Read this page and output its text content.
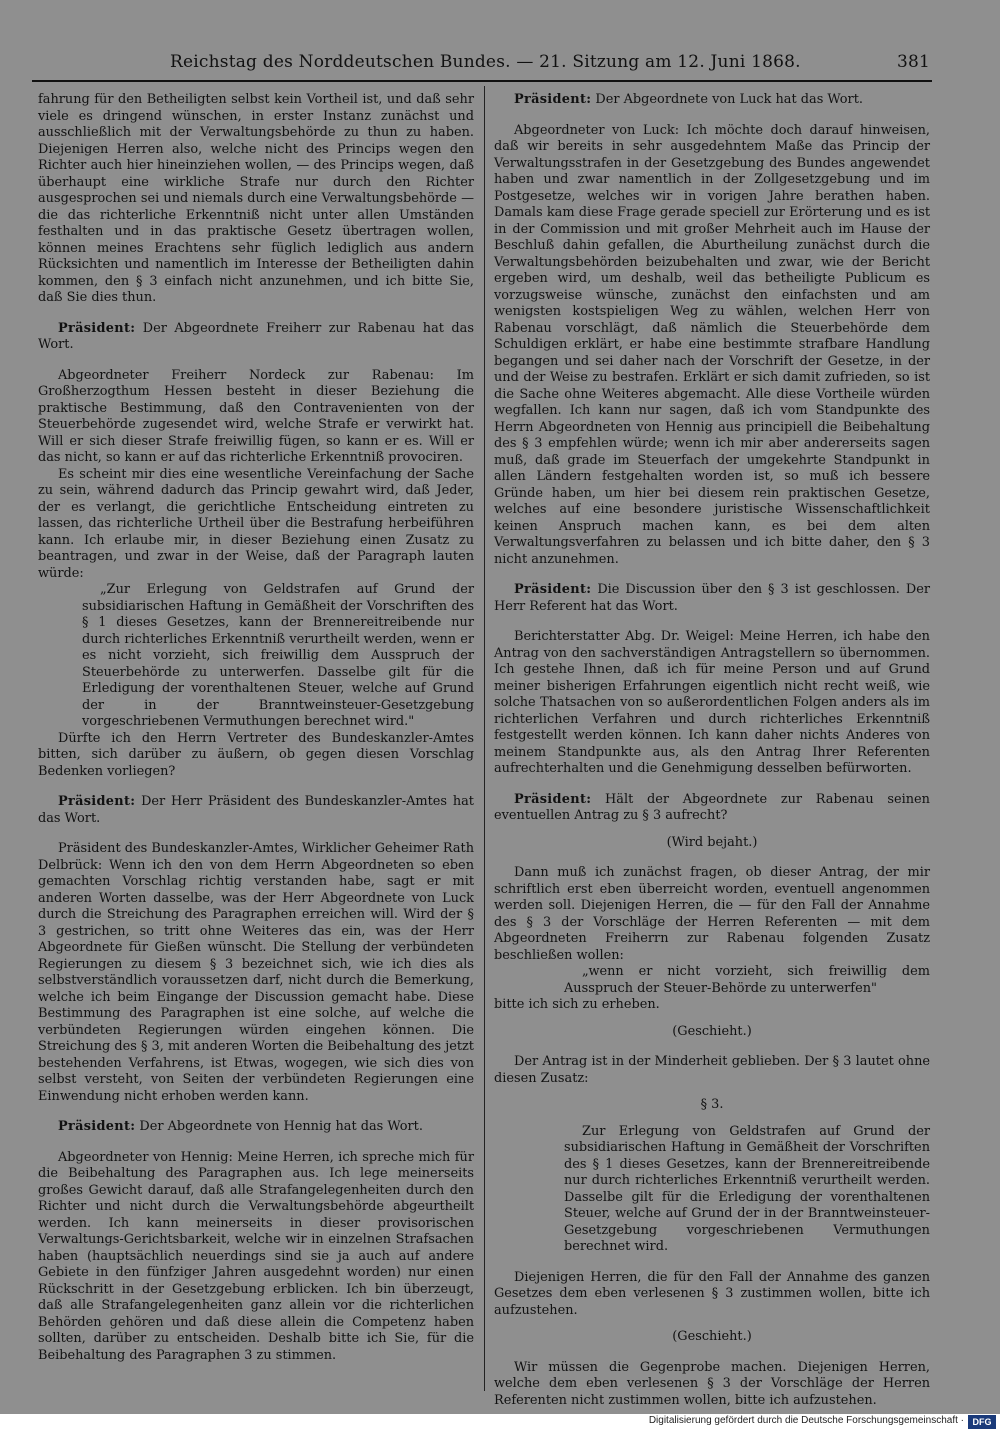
Reichstag des Norddeutschen Bundes. — 21. Sitzung am 12. Juni 1868.	381

fahrung für den Betheiligten selbst kein Vortheil ist, und daß sehr viele es dringend wünschen, in erster Instanz zunächst und ausschließlich mit der Verwaltungsbehörde zu thun zu haben. Diejenigen Herren also, welche nicht des Princips wegen den Richter auch hier hineinziehen wollen, — des Princips wegen, daß überhaupt eine wirkliche Strafe nur durch den Richter ausgesprochen sei und niemals durch eine Verwaltungsbehörde — die das richterliche Erkenntniß nicht unter allen Umständen festhalten und in das praktische Gesetz übertragen wollen, können meines Erachtens sehr füglich lediglich aus andern Rücksichten und namentlich im Interesse der Betheiligten dahin kommen, den § 3 einfach nicht anzunehmen, und ich bitte Sie, daß Sie dies thun.

Präsident: Der Abgeordnete Freiherr zur Rabenau hat das Wort.

Abgeordneter Freiherr Nordeck zur Rabenau: Im Großherzogthum Hessen besteht in dieser Beziehung die praktische Bestimmung, daß den Contravenienten von der Steuerbehörde zugesendet wird, welche Strafe er verwirkt hat. Will er sich dieser Strafe freiwillig fügen, so kann er es. Will er das nicht, so kann er auf das richterliche Erkenntniß provociren.

Es scheint mir dies eine wesentliche Vereinfachung der Sache zu sein, während dadurch das Princip gewahrt wird, daß Jeder, der es verlangt, die gerichtliche Entscheidung eintreten zu lassen, das richterliche Urtheil über die Bestrafung herbeiführen kann. Ich erlaube mir, in dieser Beziehung einen Zusatz zu beantragen, und zwar in der Weise, daß der Paragraph lauten würde:

„Zur Erlegung von Geldstrafen auf Grund der subsidiarischen Haftung in Gemäßheit der Vorschriften des § 1 dieses Gesetzes, kann der Brennereitreibende nur durch richterliches Erkenntniß verurtheilt werden, wenn er es nicht vorzieht, sich freiwillig dem Ausspruch der Steuerbehörde zu unterwerfen. Dasselbe gilt für die Erledigung der vorenthaltenen Steuer, welche auf Grund der in der Branntweinsteuer-Gesetzgebung vorgeschriebenen Vermuthungen berechnet wird."

Dürfte ich den Herrn Vertreter des Bundeskanzler-Amtes bitten, sich darüber zu äußern, ob gegen diesen Vorschlag Bedenken vorliegen?

Präsident: Der Herr Präsident des Bundeskanzler-Amtes hat das Wort.

Präsident des Bundeskanzler-Amtes, Wirklicher Geheimer Rath Delbrück: Wenn ich den von dem Herrn Abgeordneten so eben gemachten Vorschlag richtig verstanden habe, sagt er mit anderen Worten dasselbe, was der Herr Abgeordnete von Luck durch die Streichung des Paragraphen erreichen will. Wird der § 3 gestrichen, so tritt ohne Weiteres das ein, was der Herr Abgeordnete für Gießen wünscht. Die Stellung der verbündeten Regierungen zu diesem § 3 bezeichnet sich, wie ich dies als selbstverständlich voraussetzen darf, nicht durch die Bemerkung, welche ich beim Eingange der Discussion gemacht habe. Diese Bestimmung des Paragraphen ist eine solche, auf welche die verbündeten Regierungen würden eingehen können. Die Streichung des § 3, mit anderen Worten die Beibehaltung des jetzt bestehenden Verfahrens, ist Etwas, wogegen, wie sich dies von selbst versteht, von Seiten der verbündeten Regierungen eine Einwendung nicht erhoben werden kann.

Präsident: Der Abgeordnete von Hennig hat das Wort.

Abgeordneter von Hennig: Meine Herren, ich spreche mich für die Beibehaltung des Paragraphen aus. Ich lege meinerseits großes Gewicht darauf, daß alle Strafangelegenheiten durch den Richter und nicht durch die Verwaltungsbehörde abgeurtheilt werden. Ich kann meinerseits in dieser provisorischen Verwaltungs-Gerichtsbarkeit, welche wir in einzelnen Strafsachen haben (hauptsächlich neuerdings sind sie ja auch auf andere Gebiete in den fünfziger Jahren ausgedehnt worden) nur einen Rückschritt in der Gesetzgebung erblicken. Ich bin überzeugt, daß alle Strafangelegenheiten ganz allein vor die richterlichen Behörden gehören und daß diese allein die Competenz haben sollten, darüber zu entscheiden. Deshalb bitte ich Sie, für die Beibehaltung des Paragraphen 3 zu stimmen.

Präsident: Der Abgeordnete von Luck hat das Wort.

Abgeordneter von Luck: Ich möchte doch darauf hinweisen, daß wir bereits in sehr ausgedehntem Maße das Princip der Verwaltungsstrafen in der Gesetzgebung des Bundes angewendet haben und zwar namentlich in der Zollgesetzgebung und im Postgesetze, welches wir in vorigen Jahre berathen haben. Damals kam diese Frage gerade speciell zur Erörterung und es ist in der Commission und mit großer Mehrheit auch im Hause der Beschluß dahin gefallen, die Aburtheilung zunächst durch die Verwaltungsbehörden beizubehalten und zwar, wie der Bericht ergeben wird, um deshalb, weil das betheiligte Publicum es vorzugsweise wünsche, zunächst den einfachsten und am wenigsten kostspieligen Weg zu wählen, welchen Herr von Rabenau vorschlägt, daß nämlich die Steuerbehörde dem Schuldigen erklärt, er habe eine bestimmte strafbare Handlung begangen und sei daher nach der Vorschrift der Gesetze, in der und der Weise zu bestrafen. Erklärt er sich damit zufrieden, so ist die Sache ohne Weiteres abgemacht. Alle diese Vortheile würden wegfallen. Ich kann nur sagen, daß ich vom Standpunkte des Herrn Abgeordneten von Hennig aus principiell die Beibehaltung des § 3 empfehlen würde; wenn ich mir aber andererseits sagen muß, daß grade im Steuerfach der umgekehrte Standpunkt in allen Ländern festgehalten worden ist, so muß ich bessere Gründe haben, um hier bei diesem rein praktischen Gesetze, welches auf eine besondere juristische Wissenschaftlichkeit keinen Anspruch machen kann, es bei dem alten Verwaltungsverfahren zu belassen und ich bitte daher, den § 3 nicht anzunehmen.

Präsident: Die Discussion über den § 3 ist geschlossen. Der Herr Referent hat das Wort.

Berichterstatter Abg. Dr. Weigel: Meine Herren, ich habe den Antrag von den sachverständigen Antragstellern so übernommen. Ich gestehe Ihnen, daß ich für meine Person und auf Grund meiner bisherigen Erfahrungen eigentlich nicht recht weiß, wie solche Thatsachen von so außerordentlichen Folgen anders als im richterlichen Verfahren und durch richterliches Erkenntniß festgestellt werden können. Ich kann daher nichts Anderes von meinem Standpunkte aus, als den Antrag Ihrer Referenten aufrechterhalten und die Genehmigung desselben befürworten.

Präsident: Hält der Abgeordnete zur Rabenau seinen eventuellen Antrag zu § 3 aufrecht?

(Wird bejaht.)

Dann muß ich zunächst fragen, ob dieser Antrag, der mir schriftlich erst eben überreicht worden, eventuell angenommen werden soll. Diejenigen Herren, die — für den Fall der Annahme des § 3 der Vorschläge der Herren Referenten — mit dem Abgeordneten Freiherrn zur Rabenau folgenden Zusatz beschließen wollen:

„wenn er nicht vorzieht, sich freiwillig dem Ausspruch der Steuer-Behörde zu unterwerfen"

bitte ich sich zu erheben.

(Geschieht.)

Der Antrag ist in der Minderheit geblieben. Der § 3 lautet ohne diesen Zusatz:

§ 3.

Zur Erlegung von Geldstrafen auf Grund der subsidiarischen Haftung in Gemäßheit der Vorschriften des § 1 dieses Gesetzes, kann der Brennereitreibende nur durch richterliches Erkenntniß verurtheilt werden. Dasselbe gilt für die Erledigung der vorenthaltenen Steuer, welche auf Grund der in der Branntweinsteuer-Gesetzgebung vorgeschriebenen Vermuthungen berechnet wird.

Diejenigen Herren, die für den Fall der Annahme des ganzen Gesetzes dem eben verlesenen § 3 zustimmen wollen, bitte ich aufzustehen.

(Geschieht.)

Wir müssen die Gegenprobe machen. Diejenigen Herren, welche dem eben verlesenen § 3 der Vorschläge der Herren Referenten nicht zustimmen wollen, bitte ich aufzustehen.

Digitalisierung gefördert durch die Deutsche Forschungsgemeinschaft · DFG
